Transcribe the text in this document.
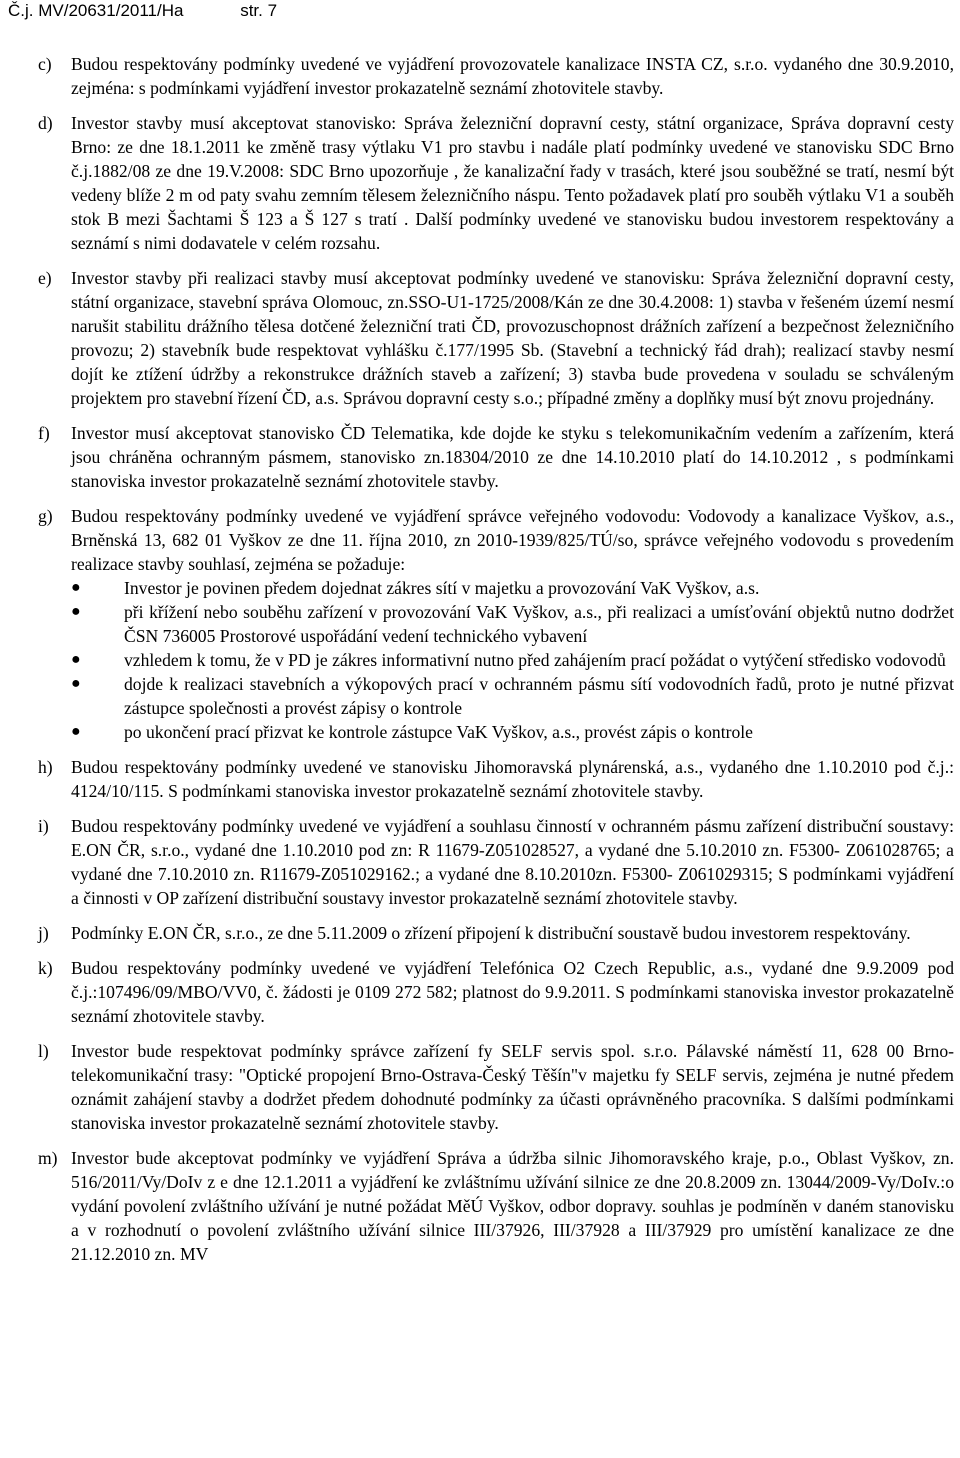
Č.j. MV/20631/2011/Ha	str. 7
c)	Budou respektovány podmínky uvedené ve vyjádření provozovatele kanalizace INSTA CZ, s.r.o. vydaného dne 30.9.2010, zejména: s podmínkami vyjádření investor prokazatelně seznámí zhotovitele stavby.
d)	Investor stavby musí akceptovat stanovisko: Správa železniční dopravní cesty, státní organizace, Správa dopravní cesty Brno: ze dne 18.1.2011 ke změně trasy výtlaku V1 pro stavbu i nadále platí podmínky uvedené ve stanovisku SDC Brno č.j.1882/08 ze dne 19.V.2008: SDC Brno upozorňuje , že kanalizační řady v trasách, které jsou souběžné se tratí, nesmí být vedeny blíže 2 m od paty svahu zemním tělesem železničního náspu. Tento požadavek platí pro souběh výtlaku V1 a souběh stok B mezi Šachtami Š 123 a Š 127 s tratí . Další podmínky uvedené ve stanovisku budou investorem respektovány a seznámí s nimi dodavatele v celém rozsahu.
e)	Investor stavby při realizaci stavby musí akceptovat podmínky uvedené ve stanovisku: Správa železniční dopravní cesty, státní organizace, stavební správa Olomouc, zn.SSO-U1-1725/2008/Kán ze dne 30.4.2008: 1) stavba v řešeném území nesmí narušit stabilitu drážního tělesa dotčené železniční trati ČD, provozuschopnost drážních zařízení a bezpečnost železničního provozu; 2) stavebník bude respektovat vyhlášku č.177/1995 Sb. (Stavební a technický řád drah); realizací stavby nesmí dojít ke ztížení údržby a rekonstrukce drážních staveb a zařízení; 3) stavba bude provedena v souladu se schváleným projektem pro stavební řízení ČD, a.s. Správou dopravní cesty s.o.; případné změny a doplňky musí být znovu projednány.
f)	Investor musí akceptovat stanovisko ČD Telematika, kde dojde ke styku s telekomunikačním vedením a zařízením, která jsou chráněna ochranným pásmem, stanovisko zn.18304/2010 ze dne 14.10.2010 platí do 14.10.2012 , s podmínkami stanoviska investor prokazatelně seznámí zhotovitele stavby.
g)	Budou respektovány podmínky uvedené ve vyjádření správce veřejného vodovodu: Vodovody a kanalizace Vyškov, a.s., Brněnská 13, 682 01 Vyškov ze dne 11. října 2010, zn 2010-1939/825/TÚ/so, správce veřejného vodovodu s provedením realizace stavby souhlasí, zejména se požaduje:
●	Investor je povinen předem dojednat zákres sítí v majetku a provozování VaK Vyškov, a.s.
●	při křížení nebo souběhu zařízení v provozování VaK Vyškov, a.s., při realizaci a umísťování objektů nutno dodržet ČSN 736005 Prostorové uspořádání vedení technického vybavení
●	vzhledem k tomu, že v PD je zákres informativní nutno před zahájením prací požádat o vytýčení středisko vodovodů
●	dojde k realizaci stavebních a výkopových prací v ochranném pásmu sítí vodovodních řadů, proto je nutné přizvat zástupce společnosti a provést zápisy o kontrole
●	po ukončení prací přizvat ke kontrole zástupce VaK Vyškov, a.s., provést zápis o kontrole
h)	Budou respektovány podmínky uvedené ve stanovisku Jihomoravská plynárenská, a.s., vydaného dne 1.10.2010 pod č.j.: 4124/10/115. S podmínkami stanoviska investor prokazatelně seznámí zhotovitele stavby.
i)	Budou respektovány podmínky uvedené ve vyjádření a souhlasu činností v ochranném pásmu zařízení distribuční soustavy: E.ON ČR, s.r.o., vydané dne 1.10.2010 pod zn: R 11679-Z051028527, a vydané dne 5.10.2010 zn. F5300- Z061028765; a vydané dne 7.10.2010 zn. R11679-Z051029162.; a vydané dne 8.10.2010zn. F5300- Z061029315; S podmínkami vyjádření a činnosti v OP zařízení distribuční soustavy investor prokazatelně seznámí zhotovitele stavby.
j)	Podmínky E.ON ČR, s.r.o., ze dne 5.11.2009 o zřízení připojení k distribuční soustavě budou investorem respektovány.
k)	Budou respektovány podmínky uvedené ve vyjádření Telefónica O2 Czech Republic, a.s., vydané dne 9.9.2009 pod č.j.:107496/09/MBO/VV0, č. žádosti je 0109 272 582; platnost do 9.9.2011. S podmínkami stanoviska investor prokazatelně seznámí zhotovitele stavby.
l)	Investor bude respektovat podmínky správce zařízení fy SELF servis spol. s.r.o. Pálavské náměstí 11, 628 00 Brno- telekomunikační trasy: "Optické propojení Brno-Ostrava-Český Těšín"v majetku fy SELF servis, zejména je nutné předem oznámit zahájení stavby a dodržet předem dohodnuté podmínky za účasti oprávněného pracovníka. S dalšími podmínkami stanoviska investor prokazatelně seznámí zhotovitele stavby.
m) Investor bude akceptovat podmínky ve vyjádření Správa a údržba silnic Jihomoravského kraje, p.o., Oblast Vyškov, zn. 516/2011/Vy/DoIv z e dne 12.1.2011 a vyjádření ke zvláštnímu užívání silnice ze dne 20.8.2009 zn. 13044/2009-Vy/DoIv.:o vydání povolení zvláštního užívání je nutné požádat MěÚ Vyškov, odbor dopravy. souhlas je podmíněn v daném stanovisku a v rozhodnutí o povolení zvláštního užívání silnice III/37926, III/37928 a III/37929 pro umístění kanalizace ze dne 21.12.2010 zn. MV
